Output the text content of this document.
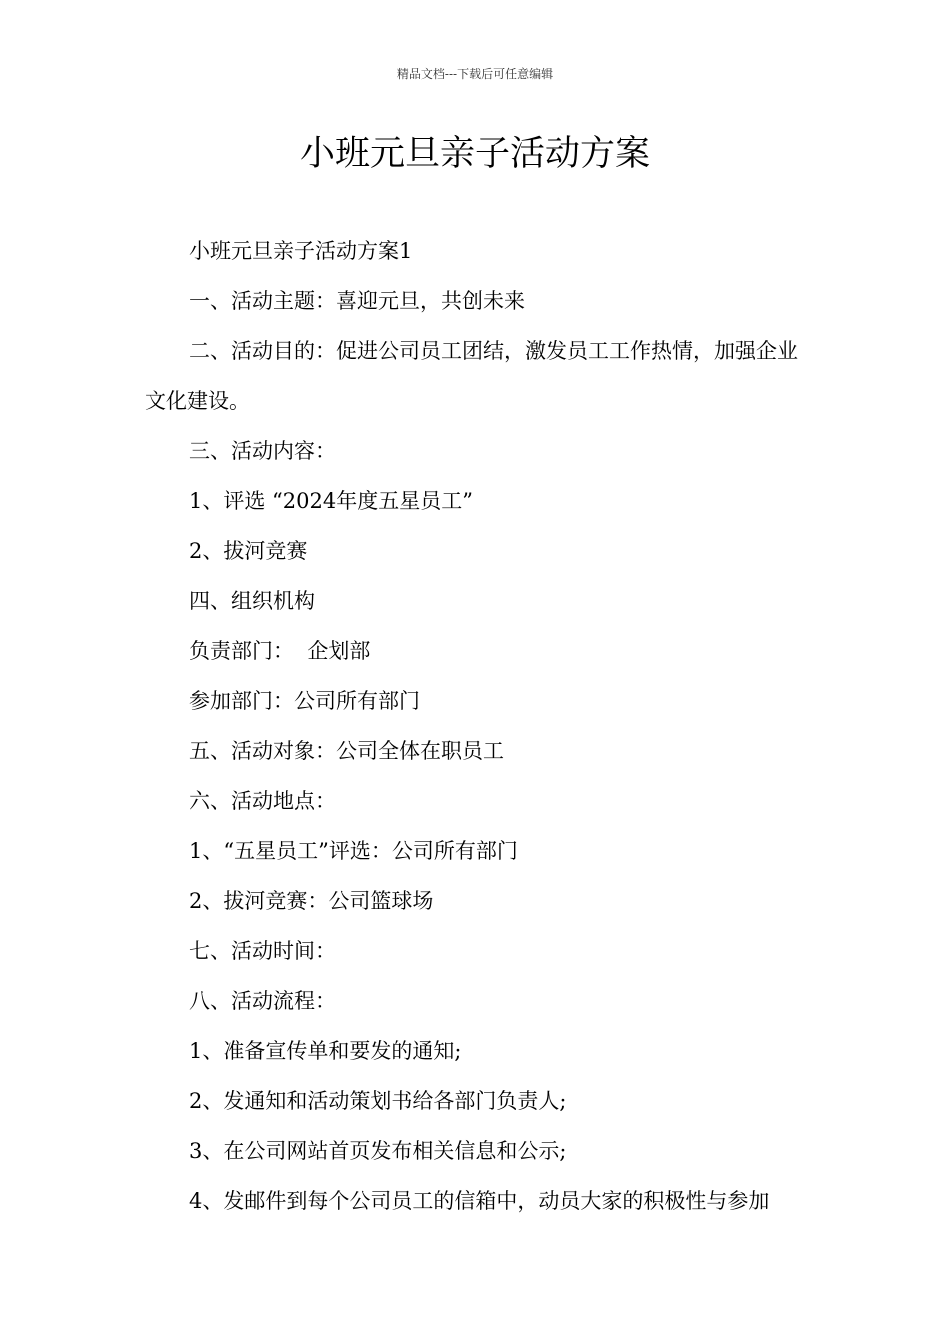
精品文档---下载后可任意编辑
小班元旦亲子活动方案

小班元旦亲子活动方案1

一、活动主题：喜迎元旦，共创未来

二、活动目的：促进公司员工团结，激发员工工作热情，加强企业文化建设。

三、活动内容：

1、评选 “2024年度五星员工”

2、拔河竞赛

四、组织机构

负责部门：  企划部

参加部门：公司所有部门

五、活动对象：公司全体在职员工

六、活动地点：

1、“五星员工”评选：公司所有部门

2、拔河竞赛：公司篮球场

七、活动时间：

八、活动流程：

1、准备宣传单和要发的通知;

2、发通知和活动策划书给各部门负责人;

3、在公司网站首页发布相关信息和公示;

4、发邮件到每个公司员工的信箱中，动员大家的积极性与参加
